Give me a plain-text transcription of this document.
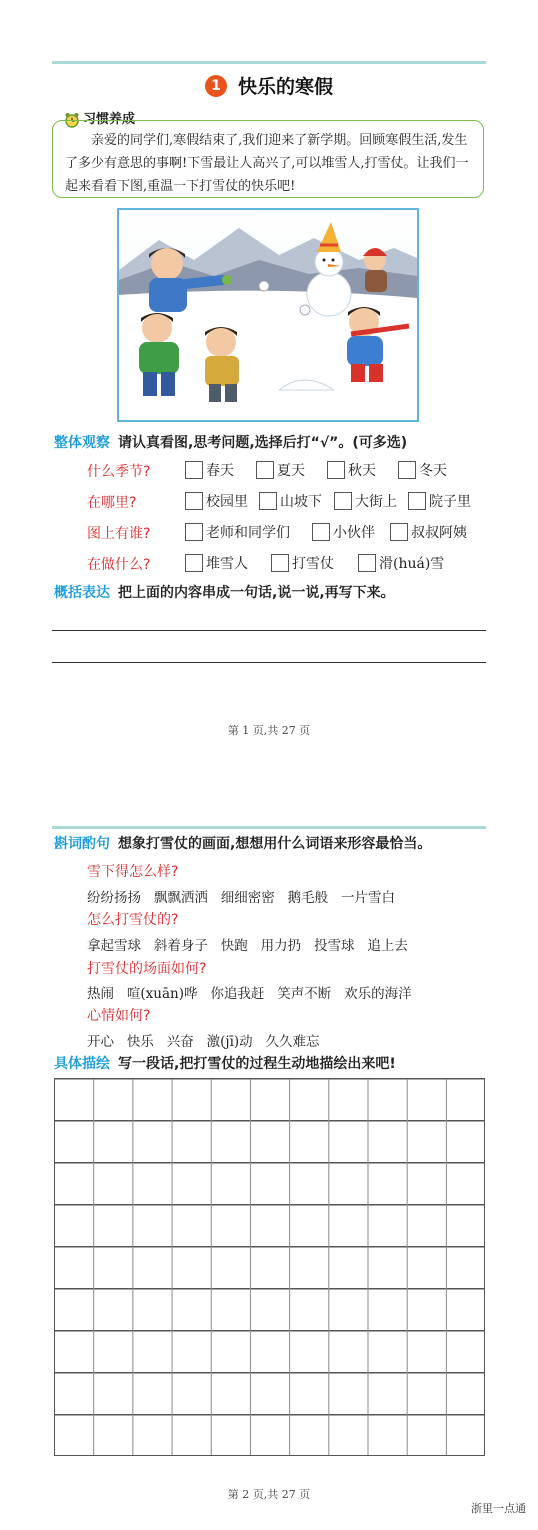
1 快乐的寒假
习惯养成

亲爱的同学们,寒假结束了,我们迎来了新学期。回顾寒假生活,发生了多少有意思的事啊!下雪最让人高兴了,可以堆雪人,打雪仗。让我们一起来看看下图,重温一下打雪仗的快乐吧!

整体观察 请认真看图,思考问题,选择后打“√”。(可多选)
什么季节?	春天	夏天	秋天	冬天
在哪里?	校园里	山坡下	大街上	院子里
图上有谁?	老师和同学们	小伙伴	叔叔阿姨
在做什么?	堆雪人	打雪仗	滑(huá)雪
概括表达 把上面的内容串成一句话,说一说,再写下来。
第 1 页,共 27 页
斟词酌句 想象打雪仗的画面,想想用什么词语来形容最恰当。
雪下得怎么样?
纷纷扬扬   飘飘洒洒   细细密密   鹅毛般   一片雪白
怎么打雪仗的?
拿起雪球   斜着身子   快跑   用力扔   投雪球   追上去
打雪仗的场面如何?
热闹   喧(xuān)哗   你追我赶   笑声不断   欢乐的海洋
心情如何?
开心   快乐   兴奋   激(jī)动   久久难忘
具体描绘 写一段话,把打雪仗的过程生动地描绘出来吧!
第 2 页,共 27 页
浙里一点通
